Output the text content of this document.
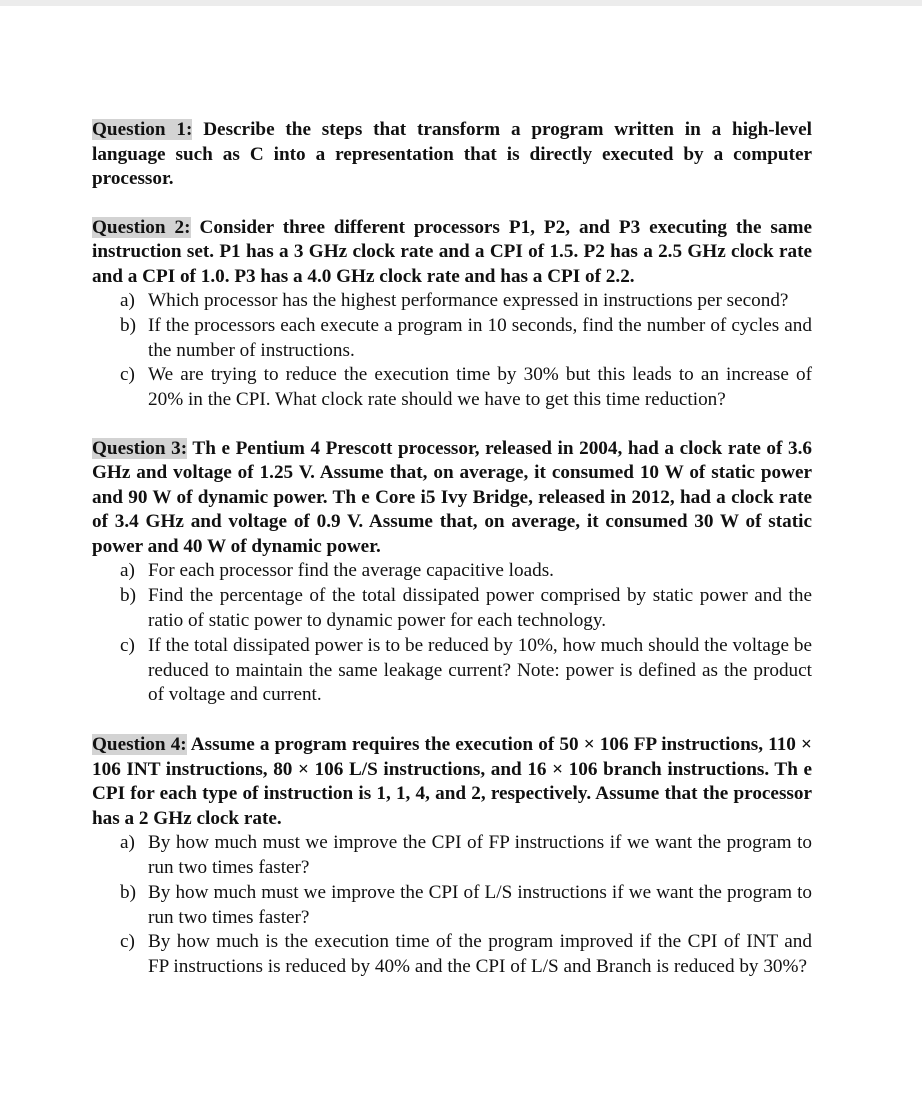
Question 1: Describe the steps that transform a program written in a high-level language such as C into a representation that is directly executed by a computer processor.

Question 2: Consider three different processors P1, P2, and P3 executing the same instruction set. P1 has a 3 GHz clock rate and a CPI of 1.5. P2 has a 2.5 GHz clock rate and a CPI of 1.0. P3 has a 4.0 GHz clock rate and has a CPI of 2.2.

a) Which processor has the highest performance expressed in instructions per second?
b) If the processors each execute a program in 10 seconds, find the number of cycles and the number of instructions.
c) We are trying to reduce the execution time by 30% but this leads to an increase of 20% in the CPI. What clock rate should we have to get this time reduction?

Question 3: Th e Pentium 4 Prescott processor, released in 2004, had a clock rate of 3.6 GHz and voltage of 1.25 V. Assume that, on average, it consumed 10 W of static power and 90 W of dynamic power. Th e Core i5 Ivy Bridge, released in 2012, had a clock rate of 3.4 GHz and voltage of 0.9 V. Assume that, on average, it consumed 30 W of static power and 40 W of dynamic power.

a) For each processor find the average capacitive loads.
b) Find the percentage of the total dissipated power comprised by static power and the ratio of static power to dynamic power for each technology.
c) If the total dissipated power is to be reduced by 10%, how much should the voltage be reduced to maintain the same leakage current? Note: power is defined as the product of voltage and current.

Question 4: Assume a program requires the execution of 50 × 106 FP instructions, 110 × 106 INT instructions, 80 × 106 L/S instructions, and 16 × 106 branch instructions. Th e CPI for each type of instruction is 1, 1, 4, and 2, respectively. Assume that the processor has a 2 GHz clock rate.

a) By how much must we improve the CPI of FP instructions if we want the program to run two times faster?
b) By how much must we improve the CPI of L/S instructions if we want the program to run two times faster?
c) By how much is the execution time of the program improved if the CPI of INT and FP instructions is reduced by 40% and the CPI of L/S and Branch is reduced by 30%?
